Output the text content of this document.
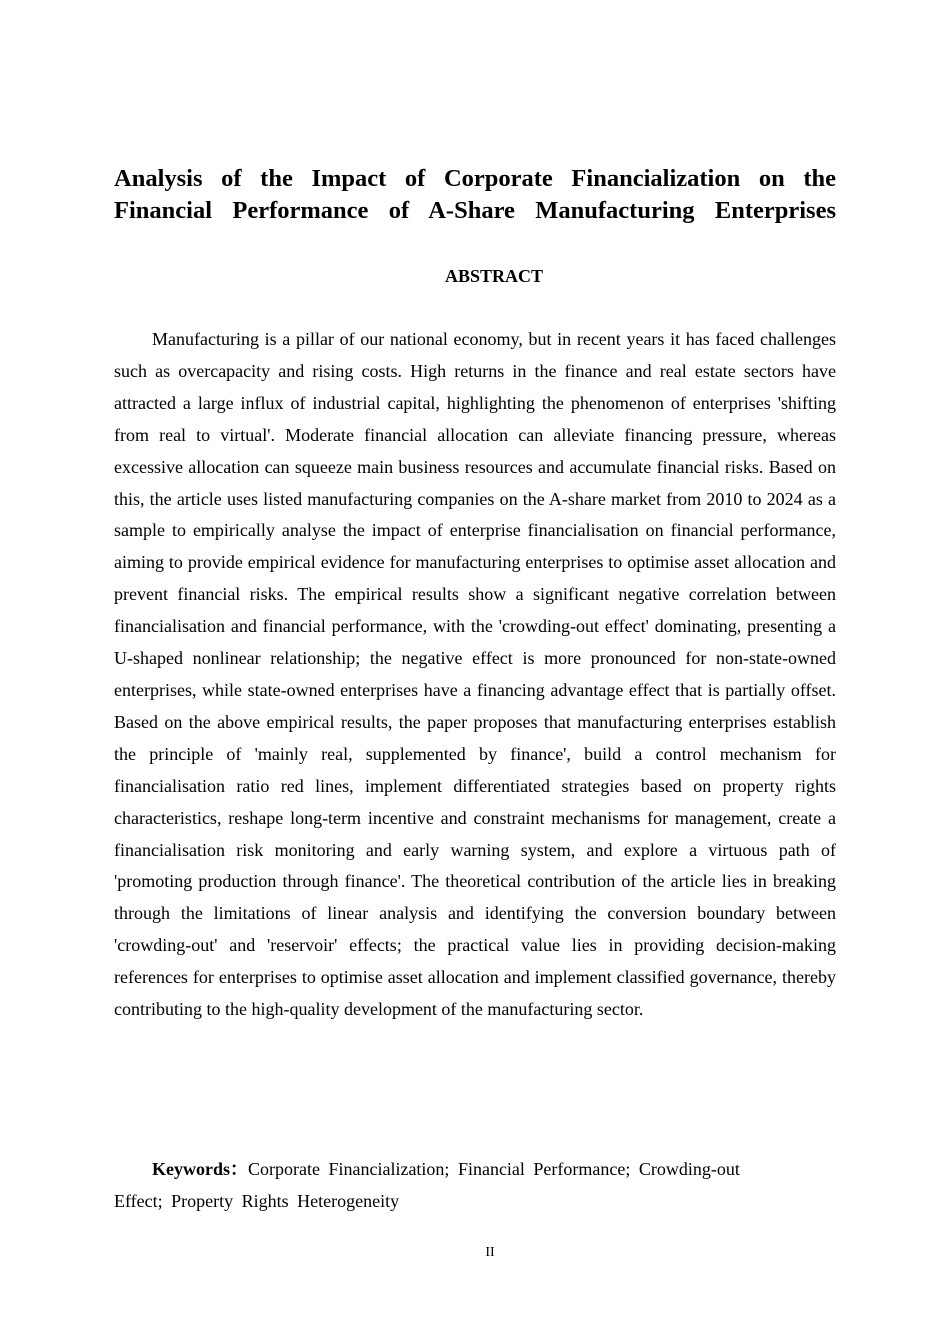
Analysis of the Impact of Corporate Financialization on the
Financial Performance of A-Share Manufacturing Enterprises
ABSTRACT

Manufacturing is a pillar of our national economy, but in recent years it has faced challenges such as overcapacity and rising costs. High returns in the finance and real estate sectors have attracted a large influx of industrial capital, highlighting the phenomenon of enterprises 'shifting from real to virtual'. Moderate financial allocation can alleviate financing pressure, whereas excessive allocation can squeeze main business resources and accumulate financial risks. Based on this, the article uses listed manufacturing companies on the A-share market from 2010 to 2024 as a sample to empirically analyse the impact of enterprise financialisation on financial performance, aiming to provide empirical evidence for manufacturing enterprises to optimise asset allocation and prevent financial risks. The empirical results show a significant negative correlation between financialisation and financial performance, with the 'crowding-out effect' dominating, presenting a U-shaped nonlinear relationship; the negative effect is more pronounced for non-state-owned enterprises, while state-owned enterprises have a financing advantage effect that is partially offset. Based on the above empirical results, the paper proposes that manufacturing enterprises establish the principle of 'mainly real, supplemented by finance', build a control mechanism for financialisation ratio red lines, implement differentiated strategies based on property rights characteristics, reshape long-term incentive and constraint mechanisms for management, create a financialisation risk monitoring and early warning system, and explore a virtuous path of 'promoting production through finance'. The theoretical contribution of the article lies in breaking through the limitations of linear analysis and identifying the conversion boundary between 'crowding-out' and 'reservoir' effects; the practical value lies in providing decision-making references for enterprises to optimise asset allocation and implement classified governance, thereby contributing to the high-quality development of the manufacturing sector.

Keywords：Corporate Financialization; Financial Performance; Crowding-out Effect; Property Rights Heterogeneity

II
